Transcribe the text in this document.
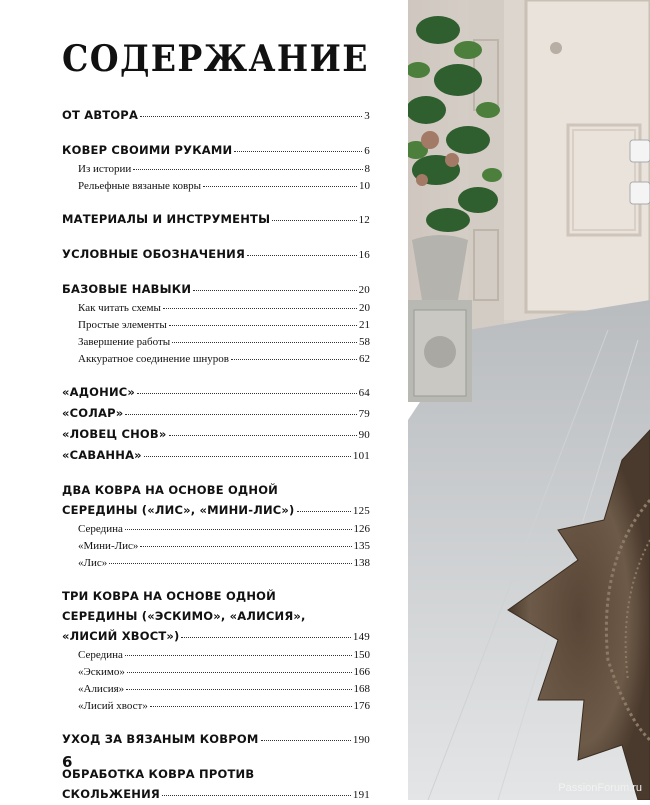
СОДЕРЖАНИЕ
ОТ АВТОРА	3
КОВЕР СВОИМИ РУКАМИ	6
Из истории	8
Рельефные вязаные ковры	10
МАТЕРИАЛЫ И ИНСТРУМЕНТЫ	12
УСЛОВНЫЕ ОБОЗНАЧЕНИЯ	16
БАЗОВЫЕ НАВЫКИ	20
Как читать схемы	20
Простые элементы	21
Завершение работы	58
Аккуратное соединение шнуров	62
«АДОНИС»	64
«СОЛАР»	79
«ЛОВЕЦ СНОВ»	90
«САВАННА»	101
ДВА КОВРА НА ОСНОВЕ ОДНОЙ
СЕРЕДИНЫ («ЛИС», «МИНИ-ЛИС»)	125
Середина	126
«Мини-Лис»	135
«Лис»	138
ТРИ КОВРА НА ОСНОВЕ ОДНОЙ
СЕРЕДИНЫ («ЭСКИМО», «АЛИСИЯ»,
«ЛИСИЙ ХВОСТ»)	149
Середина	150
«Эскимо»	166
«Алисия»	168
«Лисий хвост»	176
УХОД ЗА ВЯЗАНЫМ КОВРОМ	190
ОБРАБОТКА КОВРА ПРОТИВ
СКОЛЬЖЕНИЯ	191
6
PassionForum.ru
